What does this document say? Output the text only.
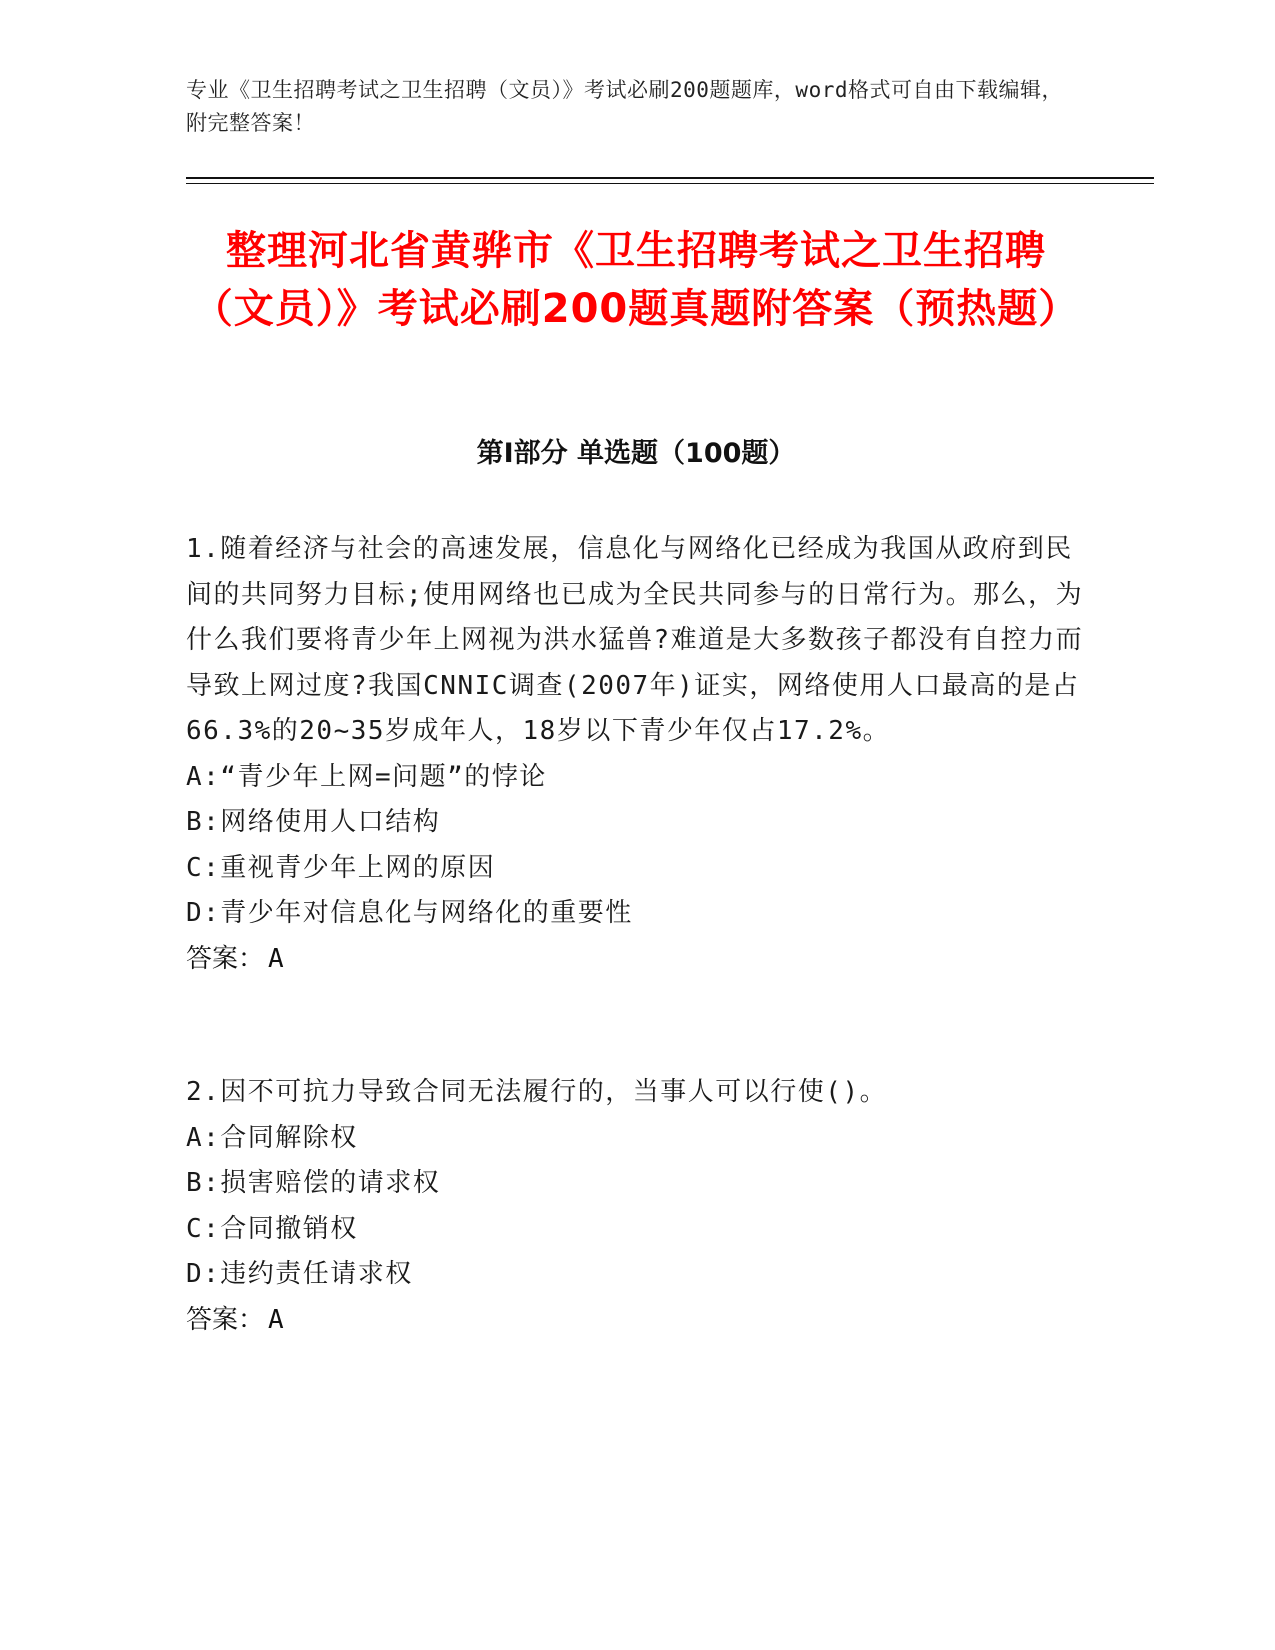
专业《卫生招聘考试之卫生招聘（文员）》考试必刷200题题库，word格式可自由下载编辑，附完整答案！
整理河北省黄骅市《卫生招聘考试之卫生招聘（文员）》考试必刷200题真题附答案（预热题）
第I部分 单选题（100题）
1.随着经济与社会的高速发展，信息化与网络化已经成为我国从政府到民间的共同努力目标;使用网络也已成为全民共同参与的日常行为。那么，为什么我们要将青少年上网视为洪水猛兽?难道是大多数孩子都没有自控力而导致上网过度?我国CNNIC调查(2007年)证实，网络使用人口最高的是占66.3%的20~35岁成年人，18岁以下青少年仅占17.2%。
A:“青少年上网=问题”的悖论
B:网络使用人口结构
C:重视青少年上网的原因
D:青少年对信息化与网络化的重要性
答案： A
2.因不可抗力导致合同无法履行的，当事人可以行使()。
A:合同解除权
B:损害赔偿的请求权
C:合同撤销权
D:违约责任请求权
答案： A
